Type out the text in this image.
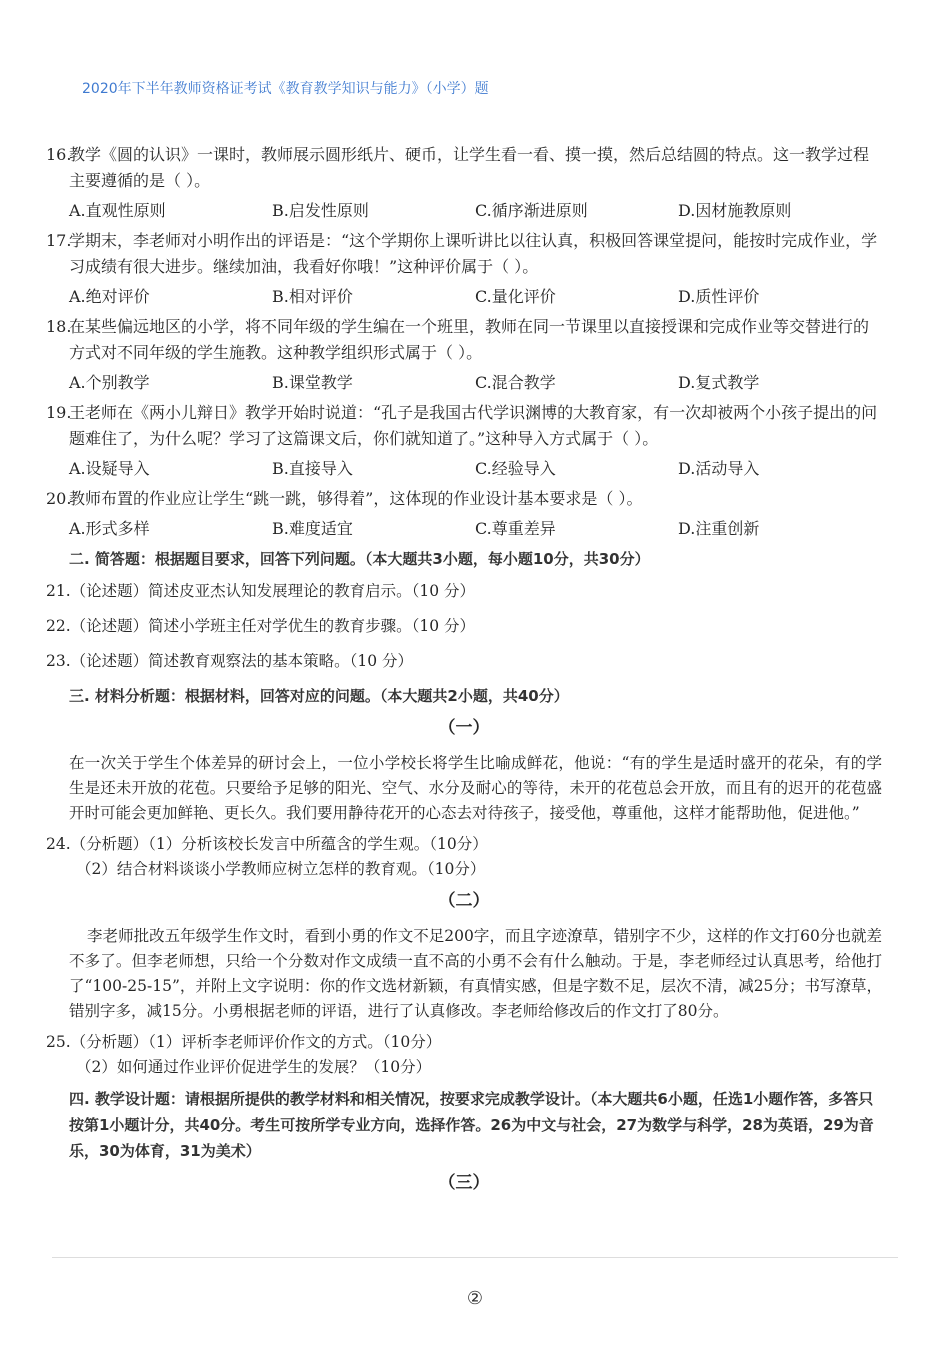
2020年下半年教师资格证考试《教育教学知识与能力》（小学）题
16.
教学《圆的认识》一课时，教师展示圆形纸片、硬币，让学生看一看、摸一摸，然后总结圆的特点。这一教学过程主要遵循的是（ ）。
A.直观性原则	B.启发性原则	C.循序渐进原则	D.因材施教原则
17.
学期末，李老师对小明作出的评语是：“这个学期你上课听讲比以往认真，积极回答课堂提问，能按时完成作业，学习成绩有很大进步。继续加油，我看好你哦！”这种评价属于（ ）。
A.绝对评价	B.相对评价	C.量化评价	D.质性评价
18.
在某些偏远地区的小学，将不同年级的学生编在一个班里，教师在同一节课里以直接授课和完成作业等交替进行的方式对不同年级的学生施教。这种教学组织形式属于（ ）。
A.个别教学	B.课堂教学	C.混合教学	D.复式教学
19.
王老师在《两小儿辩日》教学开始时说道：“孔子是我国古代学识渊博的大教育家，有一次却被两个小孩子提出的问题难住了，为什么呢？学习了这篇课文后，你们就知道了。”这种导入方式属于（ ）。
A.设疑导入	B.直接导入	C.经验导入	D.活动导入
20.
教师布置的作业应让学生“跳一跳，够得着”，这体现的作业设计基本要求是（ ）。
A.形式多样	B.难度适宜	C.尊重差异	D.注重创新
二. 简答题：根据题目要求，回答下列问题。（本大题共3小题，每小题10分，共30分）
21.（论述题）简述皮亚杰认知发展理论的教育启示。（10 分）
22.（论述题）简述小学班主任对学优生的教育步骤。（10 分）
23.（论述题）简述教育观察法的基本策略。（10 分）
三. 材料分析题：根据材料，回答对应的问题。（本大题共2小题，共40分）
（一）
在一次关于学生个体差异的研讨会上，一位小学校长将学生比喻成鲜花，他说：“有的学生是适时盛开的花朵，有的学生是还未开放的花苞。只要给予足够的阳光、空气、水分及耐心的等待，未开的花苞总会开放，而且有的迟开的花苞盛开时可能会更加鲜艳、更长久。我们要用静待花开的心态去对待孩子，接受他，尊重他，这样才能帮助他，促进他。”
24.（分析题）（1）分析该校长发言中所蕴含的学生观。（10分）
（2）结合材料谈谈小学教师应树立怎样的教育观。（10分）
（二）
李老师批改五年级学生作文时，看到小勇的作文不足200字，而且字迹潦草，错别字不少，这样的作文打60分也就差不多了。但李老师想，只给一个分数对作文成绩一直不高的小勇不会有什么触动。于是，李老师经过认真思考，给他打了“100-25-15”，并附上文字说明：你的作文选材新颖，有真情实感，但是字数不足，层次不清，减25分；书写潦草，错别字多，减15分。小勇根据老师的评语，进行了认真修改。李老师给修改后的作文打了80分。
25.（分析题）（1）评析李老师评价作文的方式。（10分）
（2）如何通过作业评价促进学生的发展？（10分）
四. 教学设计题：请根据所提供的教学材料和相关情况，按要求完成教学设计。（本大题共6小题，任选1小题作答，多答只按第1小题计分，共40分。考生可按所学专业方向，选择作答。26为中文与社会，27为数学与科学，28为英语，29为音乐，30为体育，31为美术）
（三）
②
